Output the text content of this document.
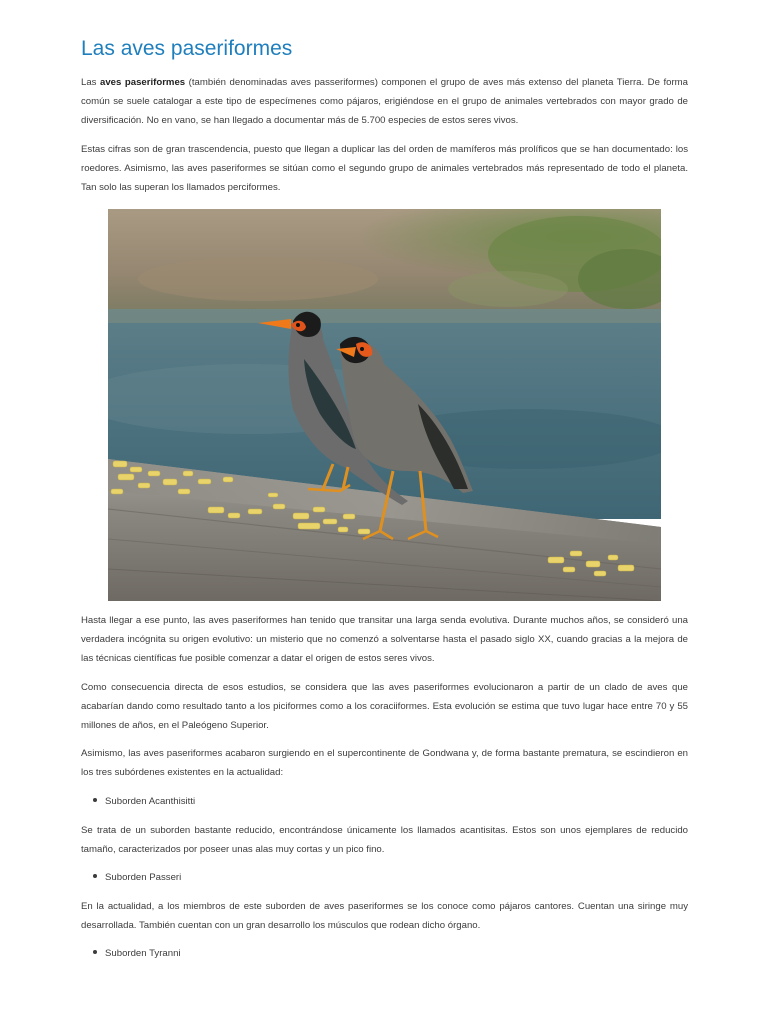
Las aves paseriformes

Las aves paseriformes (también denominadas aves passeriformes) componen el grupo de aves más extenso del planeta Tierra. De forma común se suele catalogar a este tipo de especímenes como pájaros, erigiéndose en el grupo de animales vertebrados con mayor grado de diversificación. No en vano, se han llegado a documentar más de 5.700 especies de estos seres vivos.

Estas cifras son de gran trascendencia, puesto que llegan a duplicar las del orden de mamíferos más prolíficos que se han documentado: los roedores. Asimismo, las aves paseriformes se sitúan como el segundo grupo de animales vertebrados más representado de todo el planeta. Tan solo las superan los llamados perciformes.

Hasta llegar a ese punto, las aves paseriformes han tenido que transitar una larga senda evolutiva. Durante muchos años, se consideró una verdadera incógnita su origen evolutivo: un misterio que no comenzó a solventarse hasta el pasado siglo XX, cuando gracias a la mejora de las técnicas científicas fue posible comenzar a datar el origen de estos seres vivos.

Como consecuencia directa de esos estudios, se considera que las aves paseriformes evolucionaron a partir de un clado de aves que acabarían dando como resultado tanto a los piciformes como a los coraciiformes. Esta evolución se estima que tuvo lugar hace entre 70 y 55 millones de años, en el Paleógeno Superior.

Asimismo, las aves paseriformes acabaron surgiendo en el supercontinente de Gondwana y, de forma bastante prematura, se escindieron en los tres subórdenes existentes en la actualidad:

Suborden Acanthisitti

Se trata de un suborden bastante reducido, encontrándose únicamente los llamados acantisitas. Estos son unos ejemplares de reducido tamaño, caracterizados por poseer unas alas muy cortas y un pico fino.

Suborden Passeri

En la actualidad, a los miembros de este suborden de aves paseriformes se los conoce como pájaros cantores. Cuentan una siringe muy desarrollada. También cuentan con un gran desarrollo los músculos que rodean dicho órgano.

Suborden Tyranni
